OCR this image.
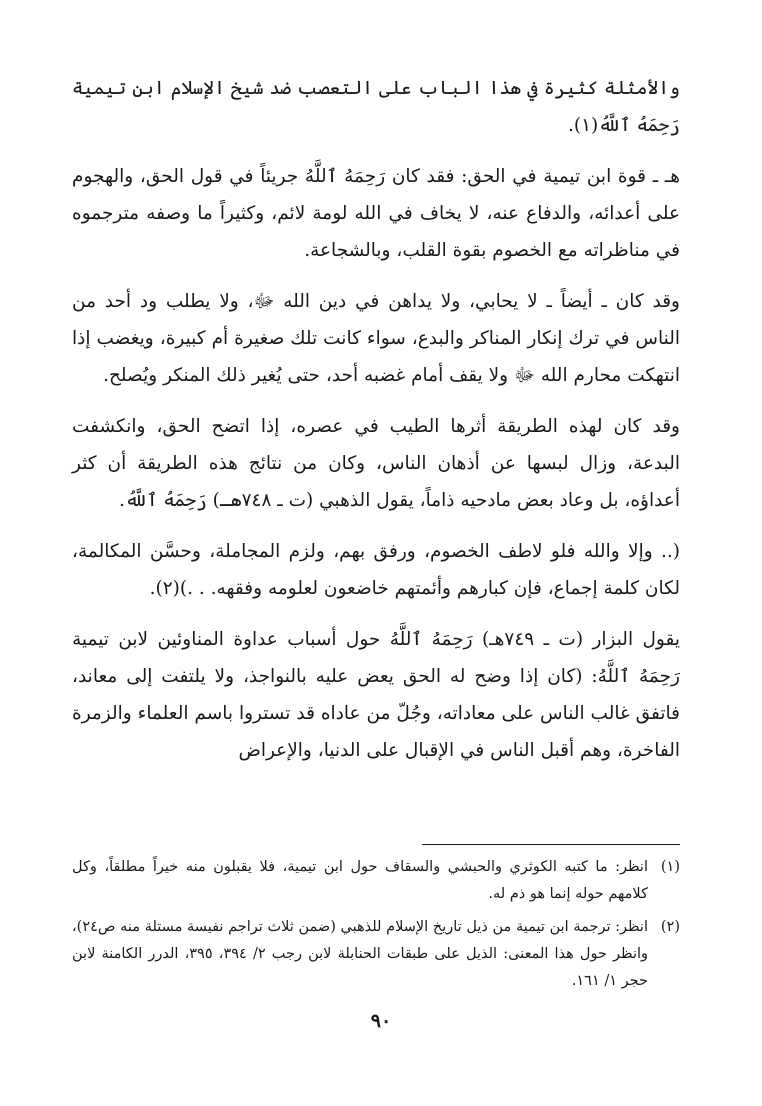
والأمثلة كثيرة في هذا الباب على التعصب ضد شيخ الإسلام ابن تيمية رَحِمَهُ ٱللَّهُ(١).

هـ ـ قوة ابن تيمية في الحق: فقد كان رَحِمَهُ ٱللَّهُ جريئاً في قول الحق، والهجوم على أعدائه، والدفاع عنه، لا يخاف في الله لومة لائم، وكثيراً ما وصفه مترجموه في مناظراته مع الخصوم بقوة القلب، وبالشجاعة.

وقد كان ـ أيضاً ـ لا يحابي، ولا يداهن في دين الله ﷻ، ولا يطلب ود أحد من الناس في ترك إنكار المناكر والبدع، سواء كانت تلك صغيرة أم كبيرة، ويغضب إذا انتهكت محارم الله ﷻ ولا يقف أمام غضبه أحد، حتى يُغير ذلك المنكر ويُصلح.

وقد كان لهذه الطريقة أثرها الطيب في عصره، إذا اتضح الحق، وانكشفت البدعة، وزال لبسها عن أذهان الناس، وكان من نتائج هذه الطريقة أن كثر أعداؤه، بل وعاد بعض مادحيه ذاماً، يقول الذهبي (ت ـ ٧٤٨هـ) رَحِمَهُ ٱللَّهُ.

(.. وإلا والله فلو لاطف الخصوم، ورفق بهم، ولزم المجاملة، وحسَّن المكالمة، لكان كلمة إجماع، فإن كبارهم وأئمتهم خاضعون لعلومه وفقهه. . .)(٢).

يقول البزار (ت ـ ٧٤٩هـ) رَحِمَهُ ٱللَّهُ حول أسباب عداوة المناوئين لابن تيمية رَحِمَهُ ٱللَّهُ: (كان إذا وضح له الحق يعض عليه بالنواجذ، ولا يلتفت إلى معاند، فاتفق غالب الناس على معاداته، وجُلّ من عاداه قد تستروا باسم العلماء والزمرة الفاخرة، وهم أقبل الناس في الإقبال على الدنيا، والإعراض

(١)
انظر: ما كتبه الكوثري والحبشي والسقاف حول ابن تيمية، فلا يقبلون منه خيراً مطلقاً، وكل كلامهم حوله إنما هو ذم له.
(٢)
انظر: ترجمة ابن تيمية من ذيل تاريخ الإسلام للذهبي (ضمن ثلاث تراجم نفيسة مستلة منه ص٢٤)، وانظر حول هذا المعنى: الذيل على طبقات الحنابلة لابن رجب ٢/ ٣٩٤، ٣٩٥، الدرر الكامنة لابن حجر ١/ ١٦١.
٩٠
